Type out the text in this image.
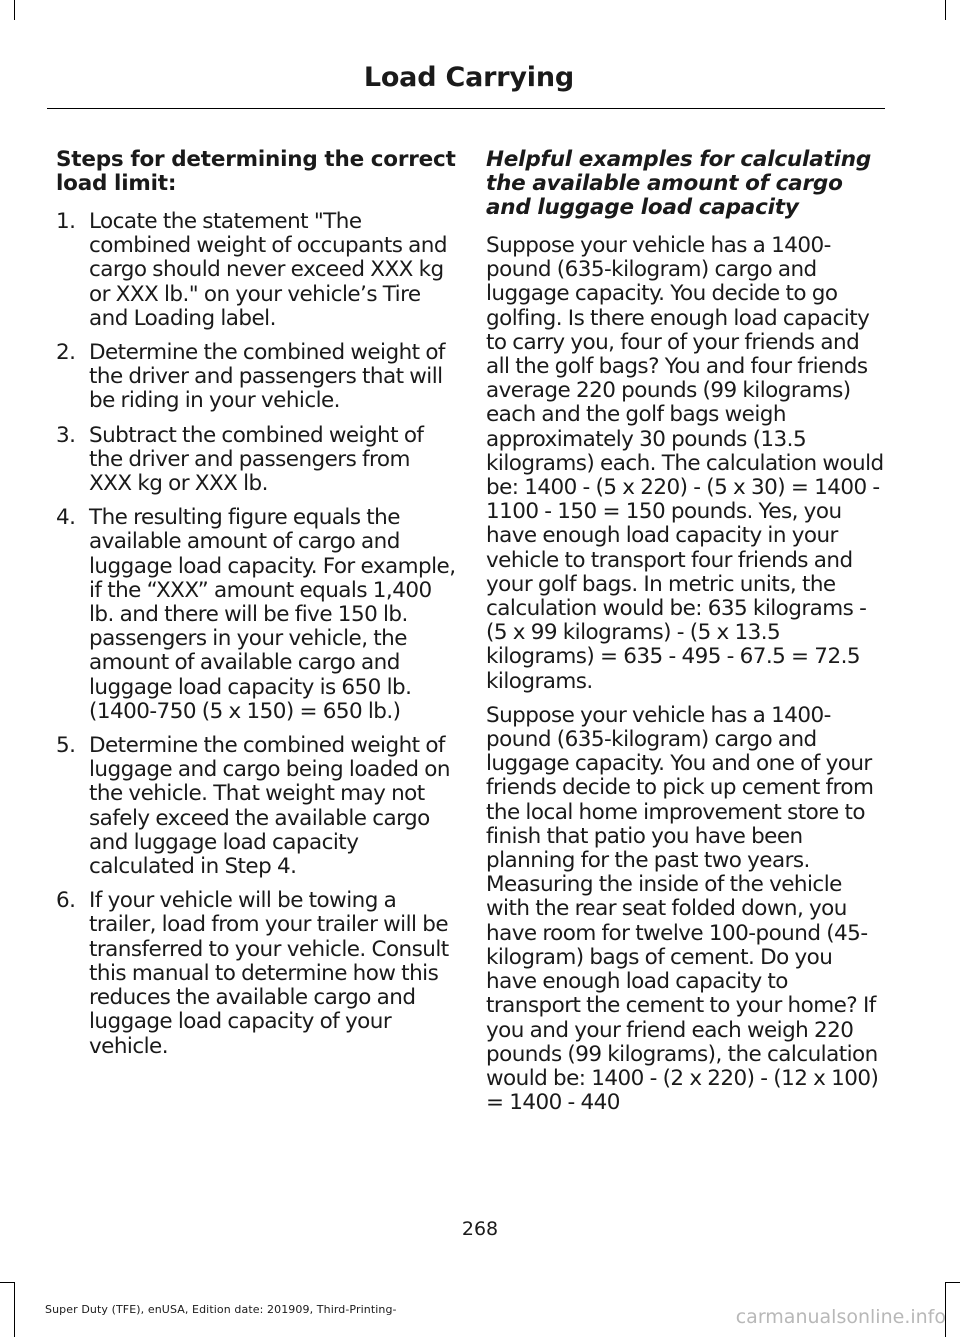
Load Carrying
Steps for determining the correct load limit:
1. Locate the statement "The combined weight of occupants and cargo should never exceed XXX kg or XXX lb." on your vehicle’s Tire and Loading label.
2. Determine the combined weight of the driver and passengers that will be riding in your vehicle.
3. Subtract the combined weight of the driver and passengers from XXX kg or XXX lb.
4. The resulting figure equals the available amount of cargo and luggage load capacity. For example, if the “XXX” amount equals 1,400 lb. and there will be five 150 lb. passengers in your vehicle, the amount of available cargo and luggage load capacity is 650 lb. (1400-750 (5 x 150) = 650 lb.)
5. Determine the combined weight of luggage and cargo being loaded on the vehicle. That weight may not safely exceed the available cargo and luggage load capacity calculated in Step 4.
6. If your vehicle will be towing a trailer, load from your trailer will be transferred to your vehicle. Consult this manual to determine how this reduces the available cargo and luggage load capacity of your vehicle.
Helpful examples for calculating the available amount of cargo and luggage load capacity

Suppose your vehicle has a 1400-pound (635-kilogram) cargo and luggage capacity. You decide to go golfing. Is there enough load capacity to carry you, four of your friends and all the golf bags? You and four friends average 220 pounds (99 kilograms) each and the golf bags weigh approximately 30 pounds (13.5 kilograms) each. The calculation would be: 1400 - (5 x 220) - (5 x 30) = 1400 - 1100 - 150 = 150 pounds. Yes, you have enough load capacity in your vehicle to transport four friends and your golf bags. In metric units, the calculation would be: 635 kilograms - (5 x 99 kilograms) - (5 x 13.5 kilograms) = 635 - 495 - 67.5 = 72.5 kilograms.

Suppose your vehicle has a 1400-pound (635-kilogram) cargo and luggage capacity. You and one of your friends decide to pick up cement from the local home improvement store to finish that patio you have been planning for the past two years. Measuring the inside of the vehicle with the rear seat folded down, you have room for twelve 100-pound (45-kilogram) bags of cement. Do you have enough load capacity to transport the cement to your home? If you and your friend each weigh 220 pounds (99 kilograms), the calculation would be: 1400 - (2 x 220) - (12 x 100) = 1400 - 440

268
Super Duty (TFE), enUSA, Edition date: 201909, Third-Printing-	carmanualsonline.info
